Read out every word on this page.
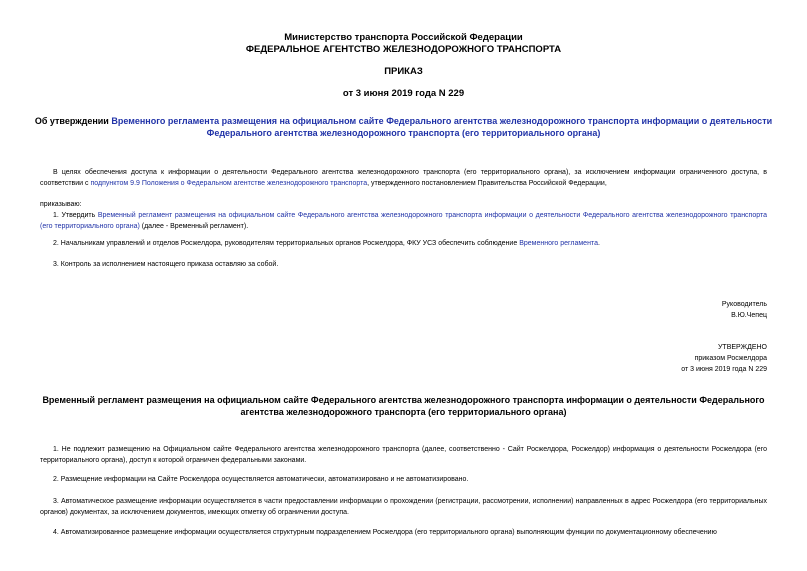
Министерство транспорта Российской Федерации
ФЕДЕРАЛЬНОЕ АГЕНТСТВО ЖЕЛЕЗНОДОРОЖНОГО ТРАНСПОРТА
ПРИКАЗ
от 3 июня 2019 года N 229
Об утверждении Временного регламента размещения на официальном сайте Федерального агентства железнодорожного транспорта информации о деятельности Федерального агентства железнодорожного транспорта (его территориального органа)
В целях обеспечения доступа к информации о деятельности Федерального агентства железнодорожного транспорта (его территориального органа), за исключением информации ограниченного доступа, в соответствии с подпунктом 9.9 Положения о Федеральном агентстве железнодорожного транспорта, утвержденного постановлением Правительства Российской Федерации,
приказываю:
1. Утвердить Временный регламент размещения на официальном сайте Федерального агентства железнодорожного транспорта информации о деятельности Федерального агентства железнодорожного транспорта (его территориального органа) (далее - Временный регламент).
2. Начальникам управлений и отделов Росжелдора, руководителям территориальных органов Росжелдора, ФКУ УСЗ обеспечить соблюдение Временного регламента.
3. Контроль за исполнением настоящего приказа оставляю за собой.
Руководитель
В.Ю.Чепец
УТВЕРЖДЕНО
приказом Росжелдора
от 3 июня 2019 года N 229
Временный регламент размещения на официальном сайте Федерального агентства железнодорожного транспорта информации о деятельности Федерального агентства железнодорожного транспорта (его территориального органа)
1. Не подлежит размещению на Официальном сайте Федерального агентства железнодорожного транспорта (далее, соответственно - Сайт Росжелдора, Росжелдор) информация о деятельности Росжелдора (его территориального органа), доступ к которой ограничен федеральными законами.
2. Размещение информации на Сайте Росжелдора осуществляется автоматически, автоматизировано и не автоматизировано.
3. Автоматическое размещение информации осуществляется в части предоставлении информации о прохождении (регистрации, рассмотрении, исполнении) направленных в адрес Росжелдора (его территориальных органов) документах, за исключением документов, имеющих отметку об ограничении доступа.
4. Автоматизированное размещение информации осуществляется структурным подразделением Росжелдора (его территориального органа) выполняющим функции по документационному обеспечению
